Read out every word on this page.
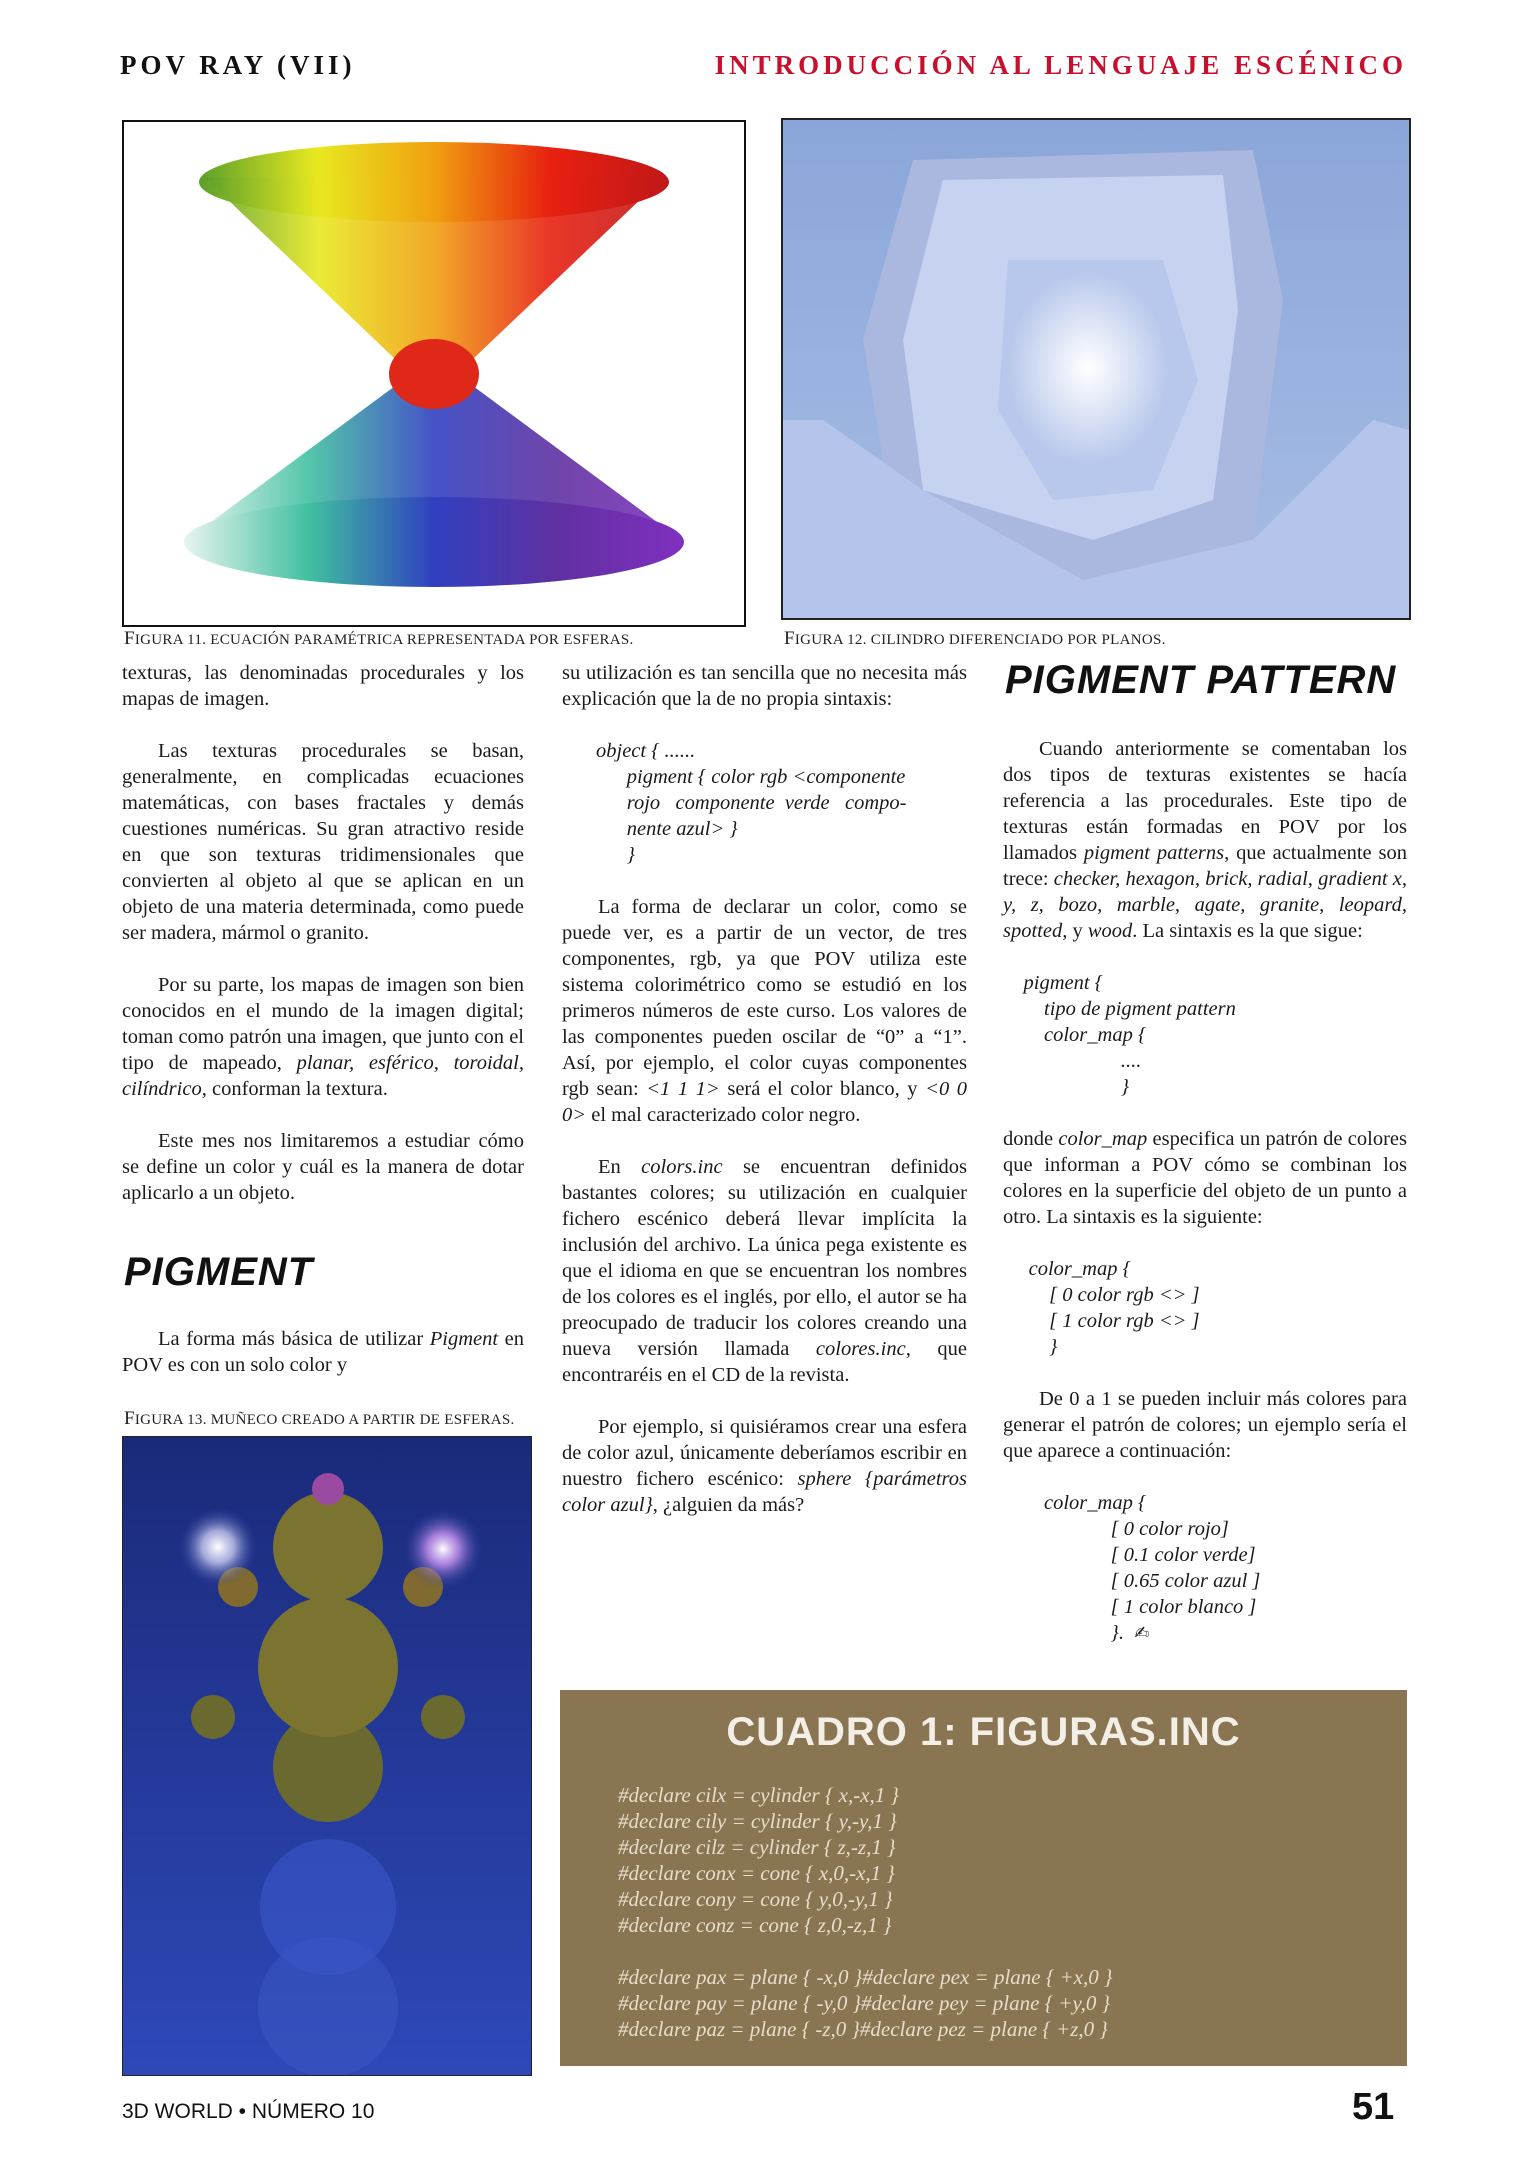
POV RAY (VII)	INTRODUCCIÓN AL LENGUAJE ESCÉNICO
FIGURA 11. ECUACIÓN PARAMÉTRICA REPRESENTADA POR ESFERAS.	FIGURA 12. CILINDRO DIFERENCIADO POR PLANOS.

texturas, las denominadas procedurales y los mapas de imagen.

Las texturas procedurales se basan, generalmente, en complicadas ecuaciones matemáticas, con bases fractales y demás cuestiones numéricas. Su gran atractivo reside en que son texturas tridimensionales que convierten al objeto al que se aplican en un objeto de una materia determinada, como puede ser madera, mármol o granito.

Por su parte, los mapas de imagen son bien conocidos en el mundo de la imagen digital; toman como patrón una imagen, que junto con el tipo de mapeado, planar, esférico, toroidal, cilíndrico, conforman la textura.

Este mes nos limitaremos a estudiar cómo se define un color y cuál es la manera de dotar aplicarlo a un objeto.

PIGMENT

La forma más básica de utilizar Pigment en POV es con un solo color y

FIGURA 13. MUÑECO CREADO A PARTIR DE ESFERAS.

su utilización es tan sencilla que no necesita más explicación que la de no propia sintaxis:

object { ......
pigment { color rgb <componente
rojo   componente  verde   compo-
nente azul> }
}

La forma de declarar un color, como se puede ver, es a partir de un vector, de tres componentes, rgb, ya que POV utiliza este sistema colorimétrico como se estudió en los primeros números de este curso. Los valores de las componentes pueden oscilar de “0” a “1”. Así, por ejemplo, el color cuyas componentes rgb sean: <1 1 1> será el color blanco, y <0 0 0> el mal caracterizado color negro.

En colors.inc se encuentran definidos bastantes colores; su utilización en cualquier fichero escénico deberá llevar implícita la inclusión del archivo. La única pega existente es que el idioma en que se encuentran los nombres de los colores es el inglés, por ello, el autor se ha preocupado de traducir los colores creando una nueva versión llamada colores.inc, que encontraréis en el CD de la revista.

Por ejemplo, si quisiéramos crear una esfera de color azul, únicamente deberíamos escribir en nuestro fichero escénico: sphere {parámetros color azul}, ¿alguien da más?

PIGMENT PATTERN

Cuando anteriormente se comentaban los dos tipos de texturas existentes se hacía referencia a las procedurales. Este tipo de texturas están formadas en POV por los llamados pigment patterns, que actualmente son trece: checker, hexagon, brick, radial, gradient x, y, z, bozo, marble, agate, granite, leopard, spotted, y wood. La sintaxis es la que sigue:

pigment {
tipo de pigment pattern
color_map {
....
}

donde color_map especifica un patrón de colores que informan a POV cómo se combinan los colores en la superficie del objeto de un punto a otro. La sintaxis es la siguiente:

color_map {
[ 0 color rgb <> ]
[ 1 color rgb <> ]
}

De 0 a 1 se pueden incluir más colores para generar el patrón de colores; un ejemplo sería el que aparece a continuación:

color_map {
[ 0 color rojo]
[ 0.1 color verde]
[ 0.65 color azul ]
[ 1 color blanco ]
}. ✍
CUADRO 1: FIGURAS.INC
#declare cilx = cylinder { x,-x,1 }
#declare cily = cylinder { y,-y,1 }
#declare cilz = cylinder { z,-z,1 }
#declare conx = cone { x,0,-x,1 }
#declare cony = cone { y,0,-y,1 }
#declare conz = cone { z,0,-z,1 }

#declare pax = plane { -x,0 }#declare pex = plane { +x,0 }
#declare pay = plane { -y,0 }#declare pey = plane { +y,0 }
#declare paz = plane { -z,0 }#declare pez = plane { +z,0 }
3D WORLD • NÚMERO 10	51
